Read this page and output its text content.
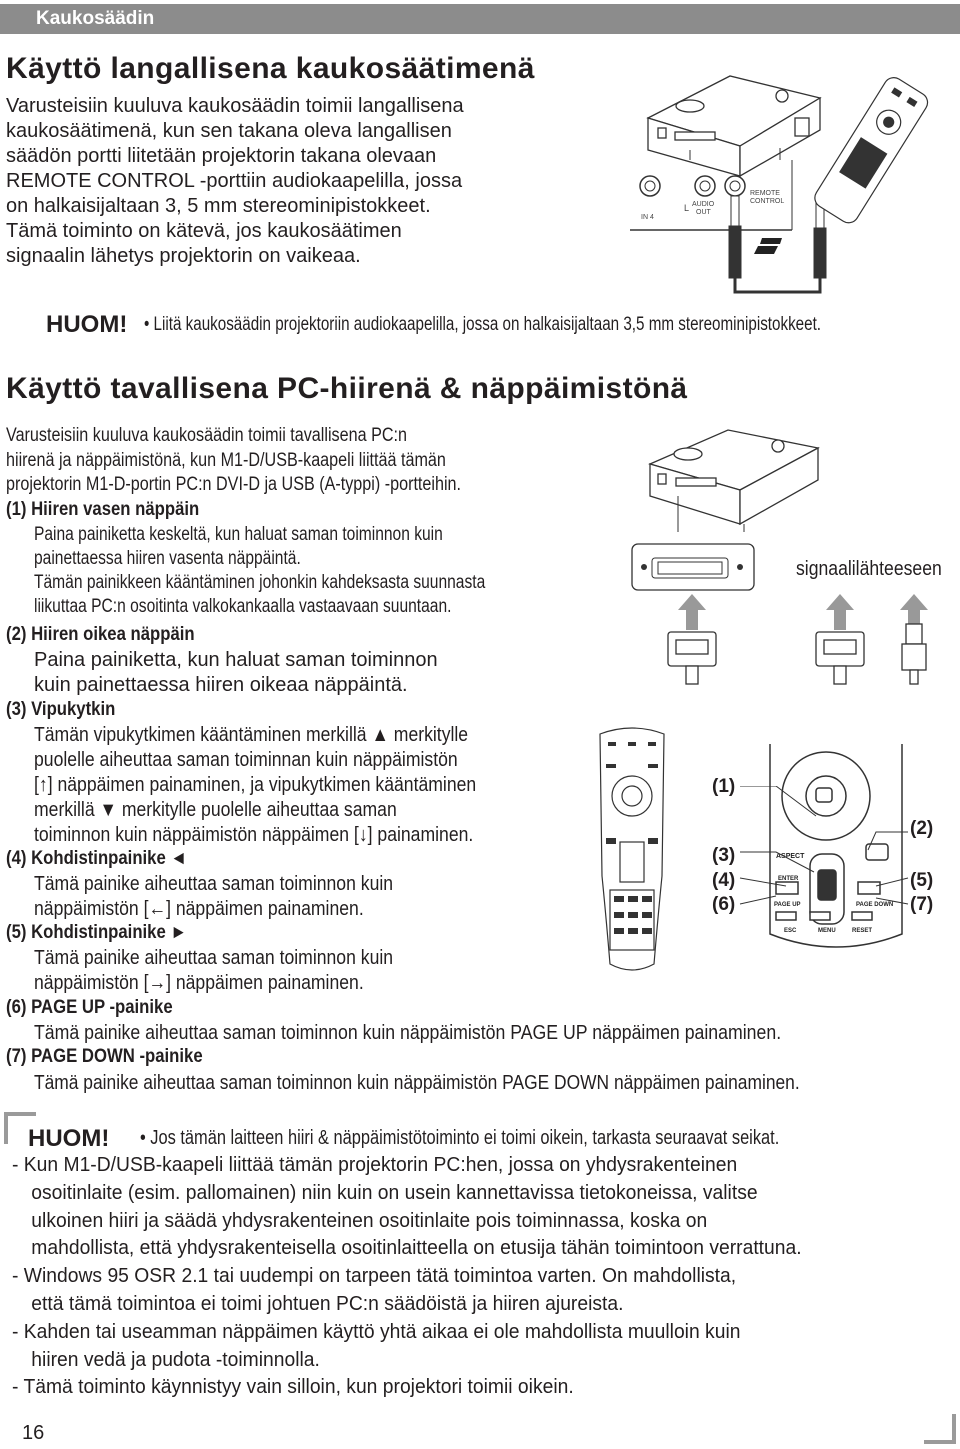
Kaukosäädin
Käyttö langallisena kaukosäätimenä
Varusteisiin kuuluva kaukosäädin toimii langallisena
kaukosäätimenä, kun sen takana oleva langallisen
säädön portti liitetään projektorin takana olevaan
REMOTE CONTROL -porttiin audiokaapelilla, jossa
on halkaisijaltaan 3, 5 mm stereominipistokkeet.
Tämä toiminto on kätevä, jos kaukosäätimen
signaalin lähetys projektorin on vaikeaa.
L
IN 4
AUDIO
OUT
REMOTE
CONTROL
HUOM! • Liitä kaukosäädin projektoriin audiokaapelilla, jossa on halkaisijaltaan 3,5 mm stereominipistokkeet.
Käyttö tavallisena PC-hiirenä & näppäimistönä
Varusteisiin kuuluva kaukosäädin toimii tavallisena PC:n
hiirenä ja näppäimistönä, kun M1-D/USB-kaapeli liittää tämän
projektorin M1-D-portin PC:n DVI-D ja USB (A-typpi) -portteihin.
(1) Hiiren vasen näppäin
Paina painiketta keskeltä, kun haluat saman toiminnon kuin
painettaessa hiiren vasenta näppäintä.
Tämän painikkeen kääntäminen johonkin kahdeksasta suunnasta
liikuttaa PC:n osoitinta valkokankaalla vastaavaan suuntaan.
(2) Hiiren oikea näppäin
Paina painiketta, kun haluat saman toiminnon
kuin painettaessa hiiren oikeaa näppäintä.
(3) Vipukytkin
Tämän vipukytkimen kääntäminen merkillä ▲ merkitylle
puolelle aiheuttaa saman toiminnan kuin näppäimistön
[↑] näppäimen painaminen, ja vipukytkimen kääntäminen
merkillä ▼ merkitylle puolelle aiheuttaa saman
toiminnon kuin näppäimistön näppäimen [↓] painaminen.
(4) Kohdistinpainike ◄
Tämä painike aiheuttaa saman toiminnon kuin
näppäimistön [←] näppäimen painaminen.
(5) Kohdistinpainike ►
Tämä painike aiheuttaa saman toiminnon kuin
näppäimistön [→] näppäimen painaminen.
(6) PAGE UP -painike
Tämä painike aiheuttaa saman toiminnon kuin näppäimistön PAGE UP näppäimen painaminen.
(7) PAGE DOWN -painike
Tämä painike aiheuttaa saman toiminnon kuin näppäimistön PAGE DOWN näppäimen painaminen.
signaalilähteeseen
ASPECT
ENTER
PAGE UP	PAGE DOWN
ESC	MENU	RESET
(1)
(2)
(3)
(4)
(6)
(5)
(7)
HUOM! • Jos tämän laitteen hiiri & näppäimistötoiminto ei toimi oikein, tarkasta seuraavat seikat.
- Kun M1-D/USB-kaapeli liittää tämän projektorin PC:hen, jossa on yhdysrakenteinen
osoitinlaite (esim. pallomainen) niin kuin on usein kannettavissa tietokoneissa, valitse
ulkoinen hiiri ja säädä yhdysrakenteinen osoitinlaite pois toiminnassa, koska on
mahdollista, että yhdysrakenteisella osoitinlaitteella on etusija tähän toimintoon verrattuna.
- Windows 95 OSR 2.1 tai uudempi on tarpeen tätä toimintoa varten. On mahdollista,
että tämä toimintoa ei toimi johtuen PC:n säädöistä ja hiiren ajureista.
- Kahden tai useamman näppäimen käyttö yhtä aikaa ei ole mahdollista muulloin kuin
hiiren vedä ja pudota -toiminnolla.
- Tämä toiminto käynnistyy vain silloin, kun projektori toimii oikein.
16
